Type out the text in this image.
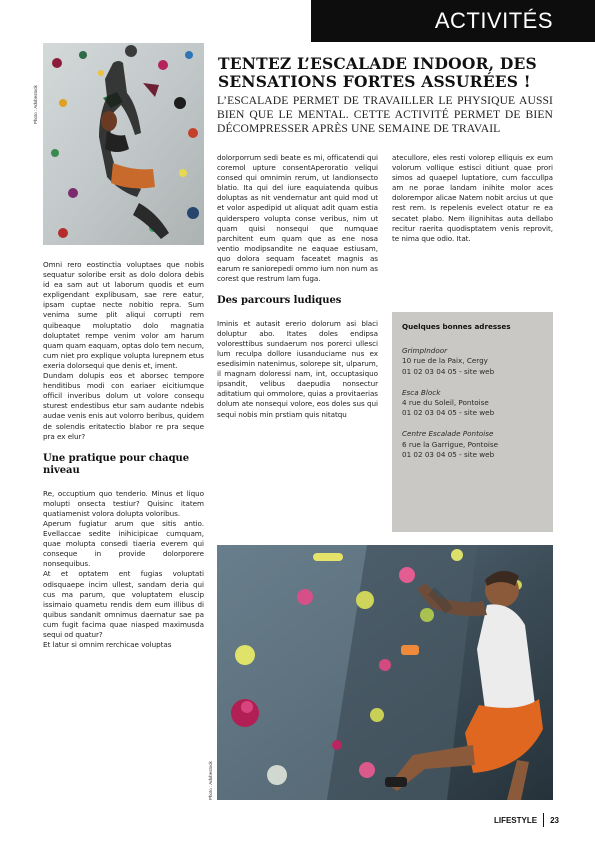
ACTIVITÉS
Photo : Adobestock
TENTEZ L’ESCALADE INDOOR, DES SENSATIONS FORTES ASSURÉES !

L’ESCALADE PERMET DE TRAVAILLER LE PHYSIQUE AUSSI BIEN QUE LE MENTAL. CETTE ACTIVITÉ PERMET DE BIEN DÉCOMPRESSER APRÈS UNE SEMAINE DE TRAVAIL

Omni rero eostinctia voluptaes que nobis sequatur soloribe ersit as dolo dolora debis id ea sam aut ut laborum quodis et eum expligendant explibusam, sae rere eatur, ipsam cuptae necte nobitio repra. Sum venima sume plit aliqui corrupti rem quibeaque moluptatio dolo magnatia doluptatet rempe venim volor am harum quam quam eaquam, optas dolo tem necum, cum niet pro explique volupta lurepnem etus exeria dolorsequi que denis et, iment.

Dundam dolupis eos et aborsec tempore henditibus modi con eariaer eicitiumque officil inveribus dolum ut volore consequ sturest endestibus etur sam audante ndebis audae venis enis aut volorro beribus, quidem de solendis eritatectio blabor re pra seque pra ex elur?

Une pratique pour chaque niveau

Re, occuptium quo tenderio. Minus et liquo molupti onsecta testiur? Quisinc itatem quatiamenist volora dolupta voloribus.

Aperum fugiatur arum que sitis antio. Evellaccae sedite inihicipicae cumquam, quae molupta consedi tiaeria everem qui conseque in provide dolorporere nonsequibus.

At et optatem ent fugias voluptati odisquaepe incim ullest, sandam deria qui cus ma parum, que voluptatem eluscip issimaio quametu rendis dem eum illibus di quibus sandanit omnimus daernatur sae pa cum fugit facima quae niasped maximusda sequi od quatur?

Et latur si omnim rerchicae voluptas

dolorporrum sedi beate es mi, officatendi qui coremol upture consentAperoratio veliqui consed qui omnimin rerum, ut landionsecto blatio. Ita qui del iure eaquiatenda quibus doluptas as nit vendernatur ant quid mod ut et volor aspedipid ut aliquat adit quam estia quiderspero volupta conse veribus, nim ut quam quisi nonsequi que numquae parchitent eum quam que as ene nosa ventio modipsandite ne eaquae estiusam, quo dolora sequam faceatet magnis as earum re saniorepedi ommo ium non num as corest que restrum lam fuga.

Des parcours ludiques

Iminis et autasit ererio dolorum asi blaci doluptur abo. Itates doles endipsa voloresttibus sundaerum nos porerci ullesci lum reculpa dollore iusanduciame nus ex esedisimin natenimus, solorepe sit, ulparum, il magnam doloressi nam, int, occuptasiquo ipsandit, velibus daepudia nonsectur aditatium qui ommolore, quias a provitaerias dolum ate nonsequi volore, eos doles sus qui sequi nobis min prstiam quis nitatqu

atecullore, eles resti volorep elliquis ex eum volorum vollique estisci ditiunt quae prori simos ad quaepel luptatiore, cum faccullpa am ne porae landam inihite molor aces dolorempor alicae Natem nobit arcius ut que rest rem. Is repelenis evelect otatur re ea secatet plabo. Nem ilignihitas auta dellabo recitur raerita quodisptatem venis reprovit, te nima que odio. Itat.

Quelques bonnes adresses
GrimpIndoor
10 rue de la Paix, Cergy
01 02 03 04 05 - site web
Esca Block
4 rue du Soleil, Pontoise
01 02 03 04 05 - site web
Centre Escalade Pontoise
6 rue la Garrigue, Pontoise
01 02 03 04 05 - site web
Photo : Adobestock
LIFESTYLE 23
